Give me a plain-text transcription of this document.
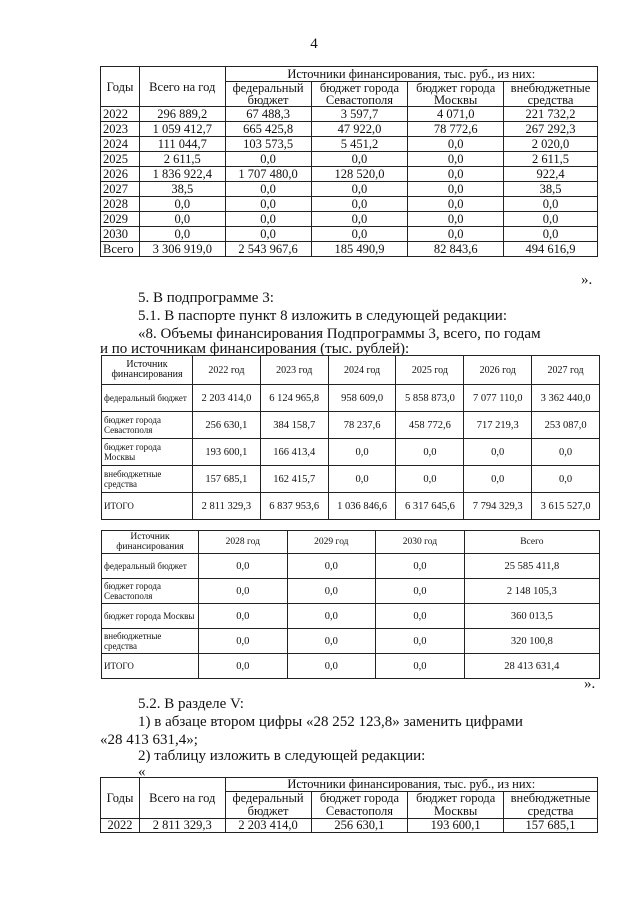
4
Годы	Всего на год	Источники финансирования, тыс. руб., из них:			
		федеральный бюджет	бюджет города Севастополя	бюджет города Москвы	внебюджетные средства
2022	296 889,2	67 488,3	3 597,7	4 071,0	221 732,2
2023	1 059 412,7	665 425,8	47 922,0	78 772,6	267 292,3
2024	111 044,7	103 573,5	5 451,2	0,0	2 020,0
2025	2 611,5	0,0	0,0	0,0	2 611,5
2026	1 836 922,4	1 707 480,0	128 520,0	0,0	922,4
2027	38,5	0,0	0,0	0,0	38,5
2028	0,0	0,0	0,0	0,0	0,0
2029	0,0	0,0	0,0	0,0	0,0
2030	0,0	0,0	0,0	0,0	0,0
Всего	3 306 919,0	2 543 967,6	185 490,9	82 843,6	494 616,9
».
5. В подпрограмме 3:
5.1. В паспорте пункт 8 изложить в следующей редакции:
«8. Объемы финансирования Подпрограммы 3, всего, по годам
и по источникам финансирования (тыс. рублей):
Источник финансирования	2022 год	2023 год	2024 год	2025 год	2026 год	2027 год
федеральный бюджет	2 203 414,0	6 124 965,8	958 609,0	5 858 873,0	7 077 110,0	3 362 440,0
бюджет города Севастополя	256 630,1	384 158,7	78 237,6	458 772,6	717 219,3	253 087,0
бюджет города Москвы	193 600,1	166 413,4	0,0	0,0	0,0	0,0
внебюджетные средства	157 685,1	162 415,7	0,0	0,0	0,0	0,0
ИТОГО	2 811 329,3	6 837 953,6	1 036 846,6	6 317 645,6	7 794 329,3	3 615 527,0
Источник финансирования	2028 год	2029 год	2030 год	Всего
федеральный бюджет	0,0	0,0	0,0	25 585 411,8
бюджет города Севастополя	0,0	0,0	0,0	2 148 105,3
бюджет города Москвы	0,0	0,0	0,0	360 013,5
внебюджетные средства	0,0	0,0	0,0	320 100,8
ИТОГО	0,0	0,0	0,0	28 413 631,4
».
5.2. В разделе V:
1) в абзаце втором цифры «28 252 123,8» заменить цифрами
«28 413 631,4»;
2) таблицу изложить в следующей редакции:
«
Годы	Всего на год	Источники финансирования, тыс. руб., из них:			
		федеральный бюджет	бюджет города Севастополя	бюджет города Москвы	внебюджетные средства
2022	2 811 329,3	2 203 414,0	256 630,1	193 600,1	157 685,1
